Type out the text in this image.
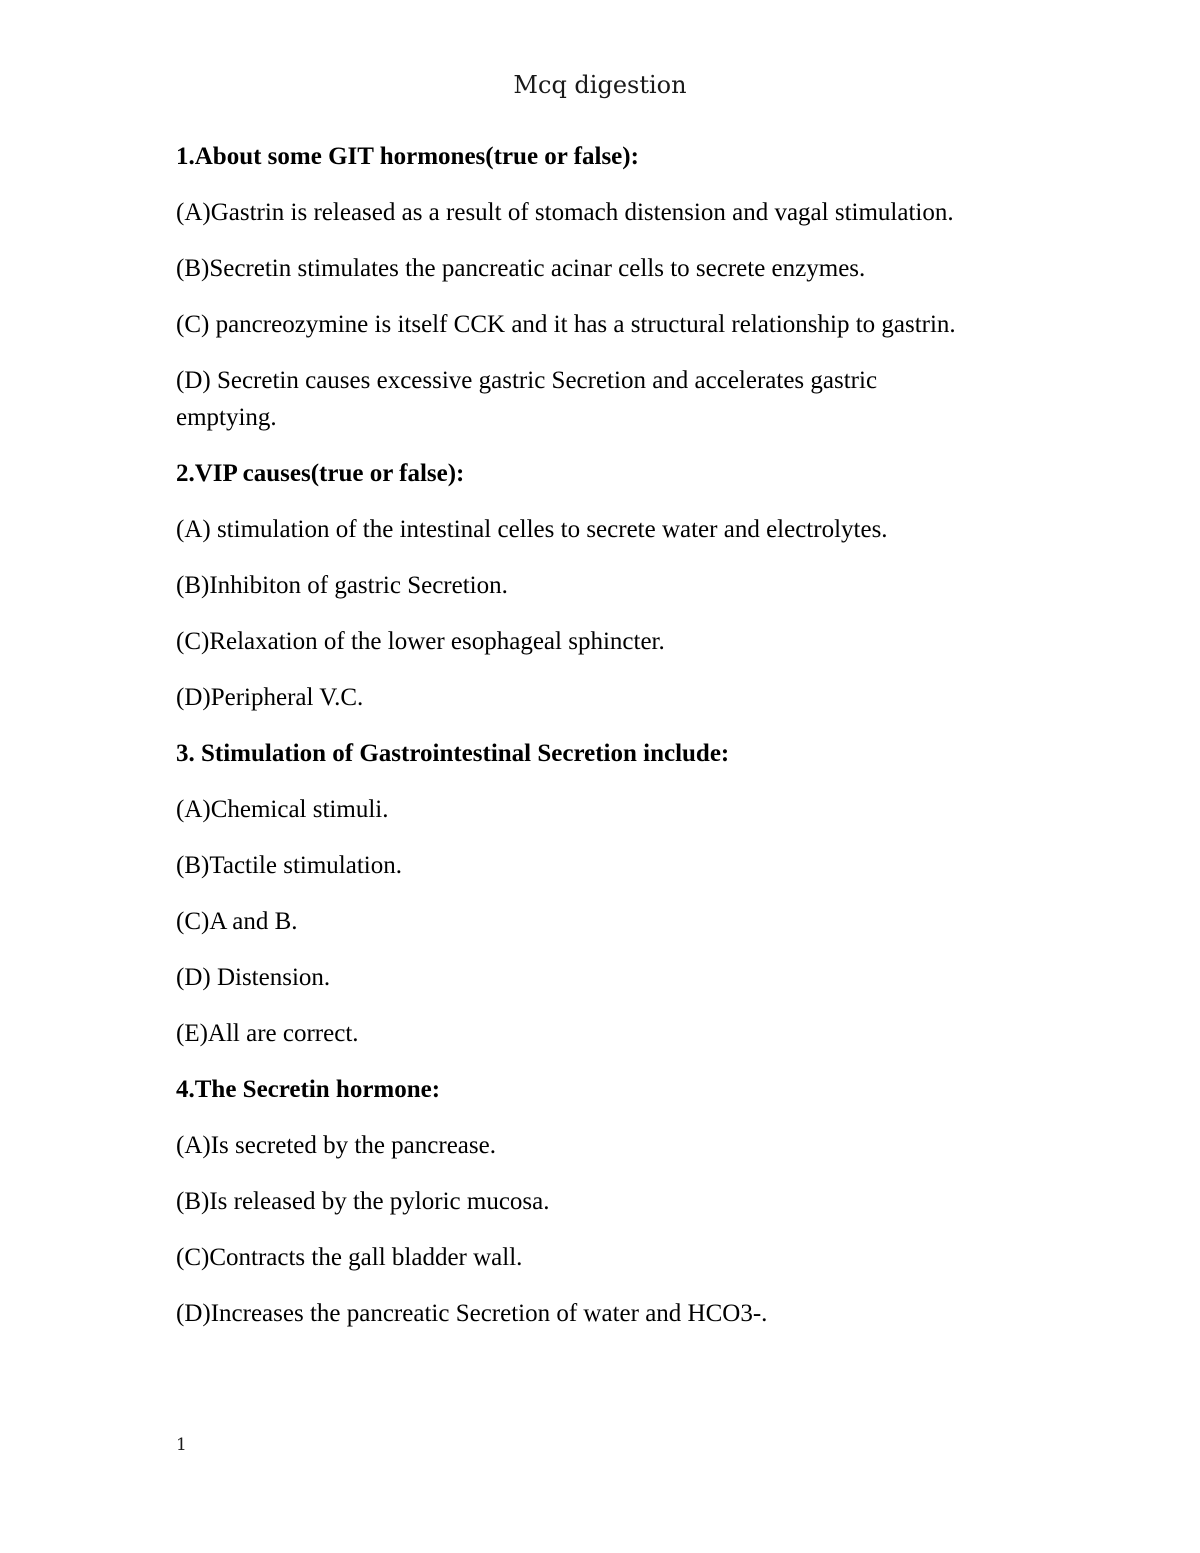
Mcq digestion

1.About some GIT hormones(true or false):

(A)Gastrin is released as a result of stomach distension and vagal stimulation.

(B)Secretin stimulates the pancreatic acinar cells to secrete enzymes.

(C) pancreozymine is itself CCK and it has a structural relationship to gastrin.

(D) Secretin causes excessive gastric Secretion and accelerates gastric emptying.

2.VIP causes(true or false):

(A) stimulation of the intestinal celles to secrete water and electrolytes.

(B)Inhibiton of gastric Secretion.

(C)Relaxation of the lower esophageal sphincter.

(D)Peripheral V.C.

3. Stimulation of Gastrointestinal Secretion include:

(A)Chemical stimuli.

(B)Tactile stimulation.

(C)A and B.

(D) Distension.

(E)All are correct.

4.The Secretin hormone:

(A)Is secreted by the pancrease.

(B)Is released by the pyloric mucosa.

(C)Contracts the gall bladder wall.

(D)Increases the pancreatic Secretion of water and HCO3-.

1
